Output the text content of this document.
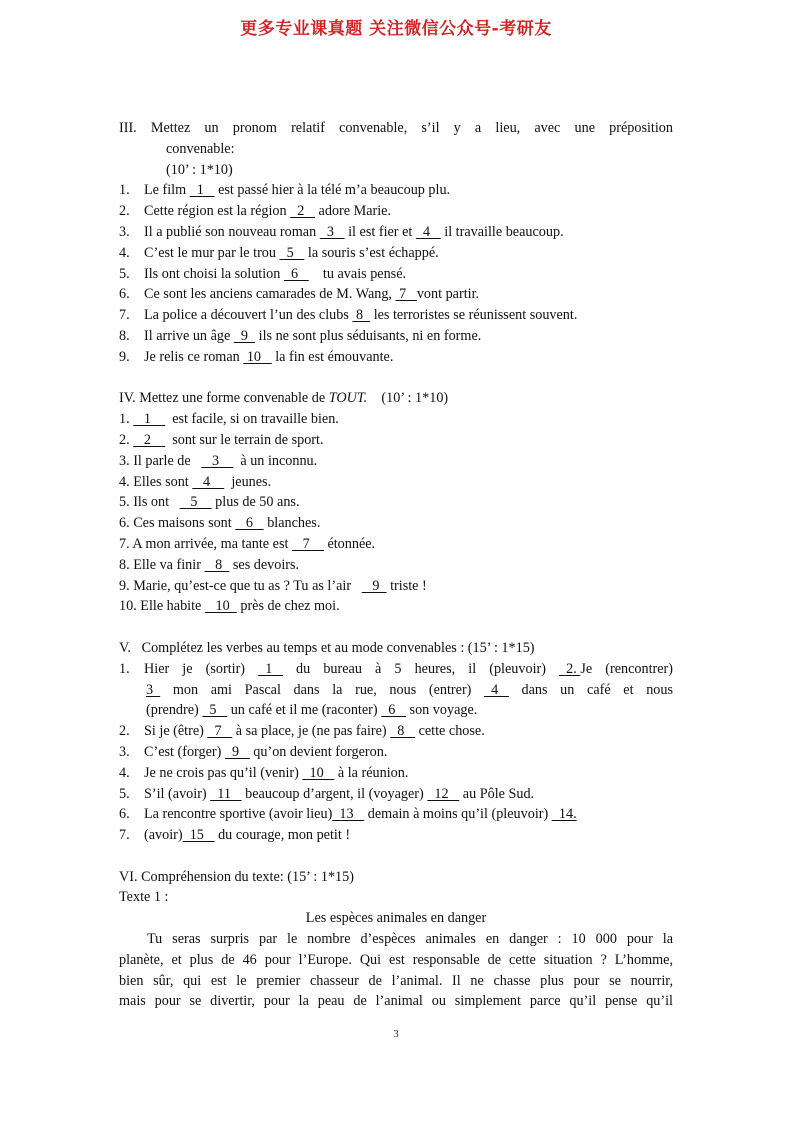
更多专业课真题 关注微信公众号-考研友
III. Mettez un pronom relatif convenable, s’il y a lieu, avec une préposition
convenable:
(10’ : 1*10)
1. Le film   1    est passé hier à la télé m’a beaucoup plu.
2. Cette région est la région   2    adore Marie.
3. Il a publié son nouveau roman   3    il est fier et   4    il travaille beaucoup.
4. C’est le mur par le trou   5    la souris s’est échappé.
5. Ils ont choisi la solution   6       tu avais pensé.
6. Ce sont les anciens camarades de M. Wang,  7   vont partir.
7. La police a découvert l’un des clubs  8   les terroristes se réunissent souvent.
8. Il arrive un âge   9   ils ne sont plus séduisants, ni en forme.
9. Je relis ce roman  10    la fin est émouvante.
IV. Mettez une forme convenable de TOUT. (10’ : 1*10)
1.    1      est facile, si on travaille bien.
2.    2      sont sur le terrain de sport.
3. Il parle de      3      à un inconnu.
4. Elles sont    4      jeunes.
5. Ils ont      5     plus de 50 ans.
6. Ces maisons sont    6    blanches.
7. A mon arrivée, ma tante est    7     étonnée.
8. Elle va finir    8   ses devoirs.
9. Marie, qu’est-ce que tu as ? Tu as l’air      9   triste !
10. Elle habite    10   près de chez moi.
V.   Complétez les verbes au temps et au mode convenables : (15’ : 1*15)
1. Hier je (sortir)   1    du bureau à 5 heures, il (pleuvoir)   2. Je (rencontrer)
3   mon ami Pascal dans la rue, nous (entrer)   4    dans un café et nous
(prendre)   5    un café et il me (raconter)   6    son voyage.
2. Si je (être)   7    à sa place, je (ne pas faire)   8    cette chose.
3. C’est (forger)   9    qu’on devient forgeron.
4. Je ne crois pas qu’il (venir)   10    à la réunion.
5. S’il (avoir)   11    beaucoup d’argent, il (voyager)   12    au Pôle Sud.
6. La rencontre sportive (avoir lieu)  13    demain à moins qu’il (pleuvoir)   14.
7. (avoir)  15    du courage, mon petit !
VI. Compréhension du texte: (15’ : 1*15)
Texte 1 :
Les espèces animales en danger
Tu seras surpris par le nombre d’espèces animales en danger : 10 000 pour la
planète, et plus de 46 pour l’Europe. Qui est responsable de cette situation ? L’homme,
bien sûr, qui est le premier chasseur de l’animal. Il ne chasse plus pour se nourrir,
mais pour se divertir, pour la peau de l’animal ou simplement parce qu’il pense qu’il
3
